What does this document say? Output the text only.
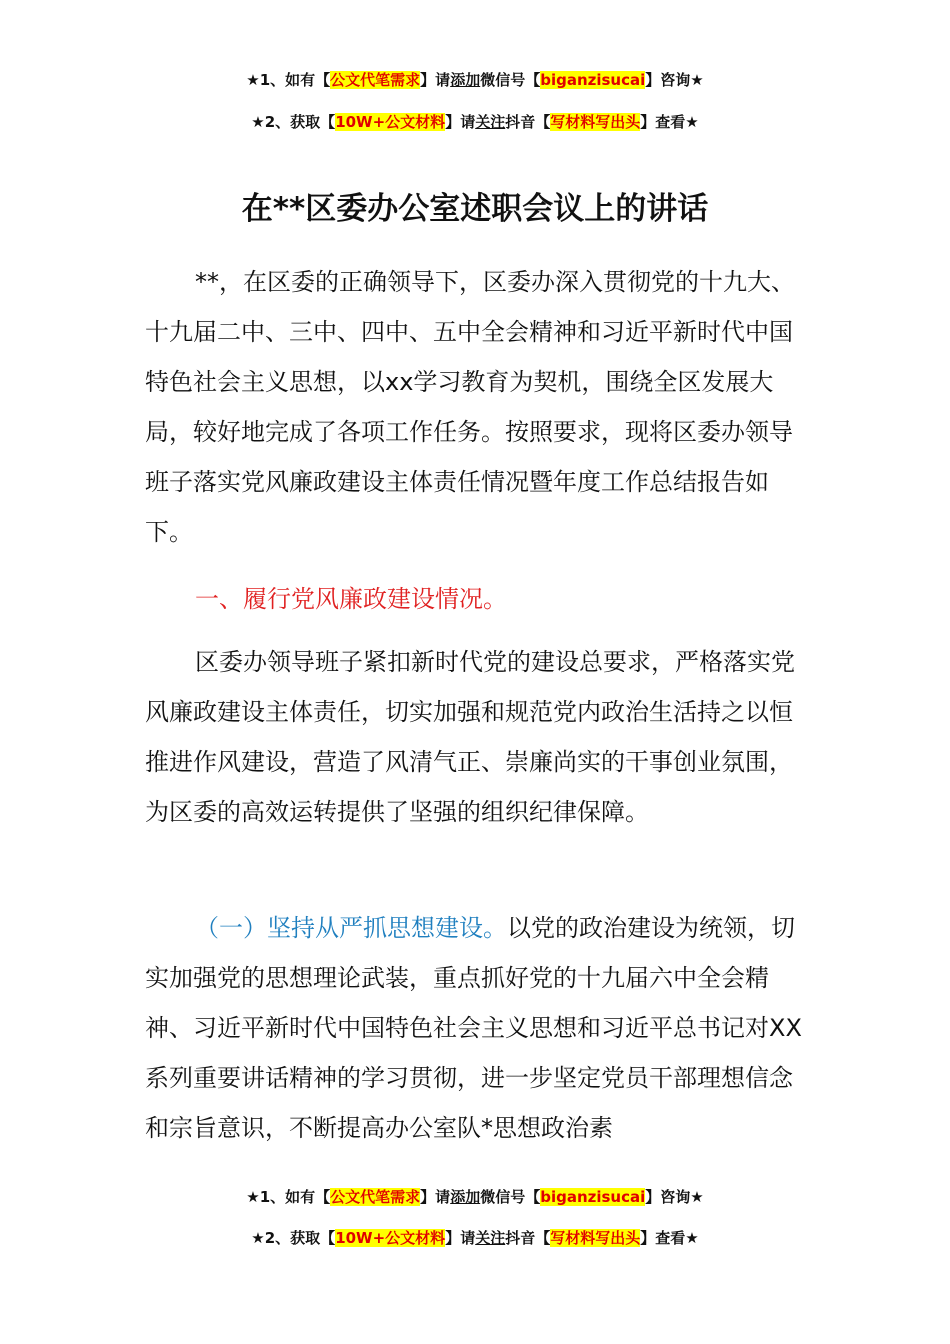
★1、如有【公文代笔需求】请添加微信号【biganzisucai】咨询★
★2、获取【10W+公文材料】请关注抖音【写材料写出头】查看★
在**区委办公室述职会议上的讲话

**，在区委的正确领导下，区委办深入贯彻党的十九大、十九届二中、三中、四中、五中全会精神和习近平新时代中国特色社会主义思想，以xx学习教育为契机，围绕全区发展大局，较好地完成了各项工作任务。按照要求，现将区委办领导班子落实党风廉政建设主体责任情况暨年度工作总结报告如下。

一、履行党风廉政建设情况。

区委办领导班子紧扣新时代党的建设总要求，严格落实党风廉政建设主体责任，切实加强和规范党内政治生活持之以恒推进作风建设，营造了风清气正、崇廉尚实的干事创业氛围，为区委的高效运转提供了坚强的组织纪律保障。

（一）坚持从严抓思想建设。以党的政治建设为统领，切实加强党的思想理论武装，重点抓好党的十九届六中全会精神、习近平新时代中国特色社会主义思想和习近平总书记对XX系列重要讲话精神的学习贯彻，进一步坚定党员干部理想信念和宗旨意识，不断提高办公室队*思想政治素

★1、如有【公文代笔需求】请添加微信号【biganzisucai】咨询★
★2、获取【10W+公文材料】请关注抖音【写材料写出头】查看★
